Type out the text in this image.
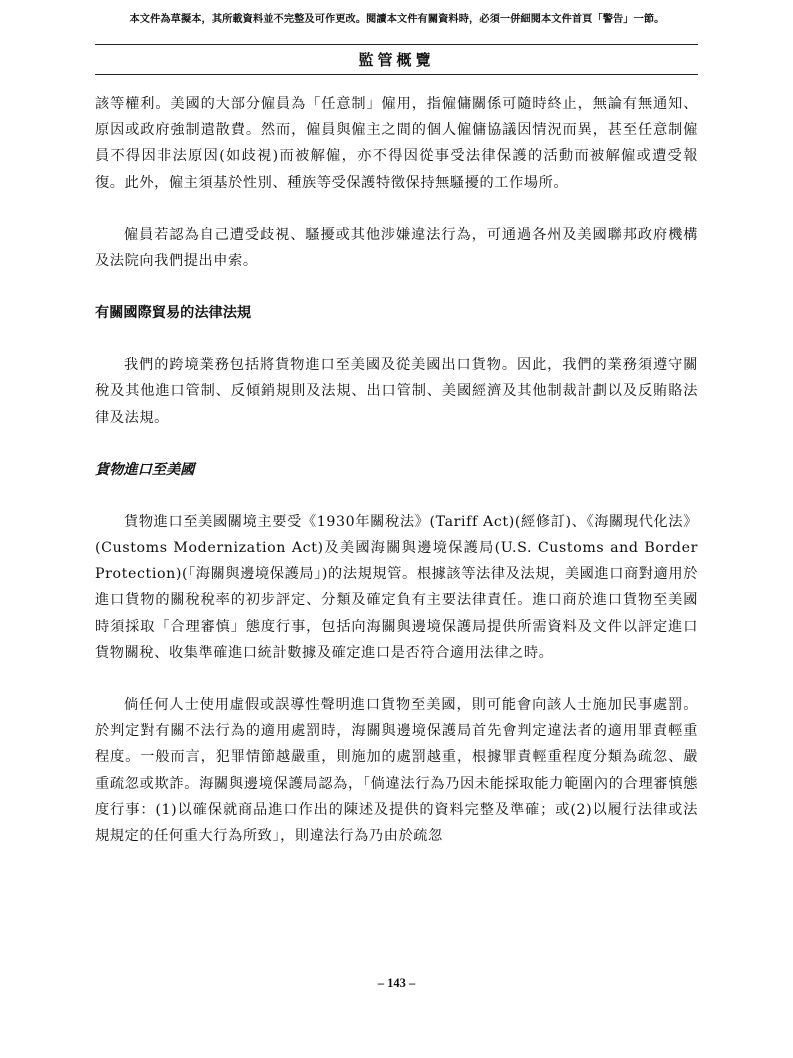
本文件為草擬本，其所載資料並不完整及可作更改。閱讀本文件有關資料時，必須一併細閱本文件首頁「警告」一節。
監管概覽

該等權利。美國的大部分僱員為「任意制」僱用，指僱傭關係可隨時終止，無論有無通知、原因或政府強制遣散費。然而，僱員與僱主之間的個人僱傭協議因情況而異，甚至任意制僱員不得因非法原因(如歧視)而被解僱，亦不得因從事受法律保護的活動而被解僱或遭受報復。此外，僱主須基於性別、種族等受保護特徵保持無騷擾的工作場所。

僱員若認為自己遭受歧視、騷擾或其他涉嫌違法行為，可通過各州及美國聯邦政府機構及法院向我們提出申索。

有關國際貿易的法律法規

我們的跨境業務包括將貨物進口至美國及從美國出口貨物。因此，我們的業務須遵守關稅及其他進口管制、反傾銷規則及法規、出口管制、美國經濟及其他制裁計劃以及反賄賂法律及法規。

貨物進口至美國

貨物進口至美國關境主要受《1930年關稅法》(Tariff Act)(經修訂)、《海關現代化法》(Customs Modernization Act)及美國海關與邊境保護局(U.S. Customs and Border Protection)(「海關與邊境保護局」)的法規規管。根據該等法律及法規，美國進口商對適用於進口貨物的關稅稅率的初步評定、分類及確定負有主要法律責任。進口商於進口貨物至美國時須採取「合理審慎」態度行事，包括向海關與邊境保護局提供所需資料及文件以評定進口貨物關稅、收集準確進口統計數據及確定進口是否符合適用法律之時。

倘任何人士使用虛假或誤導性聲明進口貨物至美國，則可能會向該人士施加民事處罰。於判定對有關不法行為的適用處罰時，海關與邊境保護局首先會判定違法者的適用罪責輕重程度。一般而言，犯罪情節越嚴重，則施加的處罰越重，根據罪責輕重程度分類為疏忽、嚴重疏忽或欺詐。海關與邊境保護局認為，「倘違法行為乃因未能採取能力範圍內的合理審慎態度行事：(1)以確保就商品進口作出的陳述及提供的資料完整及準確；或(2)以履行法律或法規規定的任何重大行為所致」，則違法行為乃由於疏忽

– 143 –
